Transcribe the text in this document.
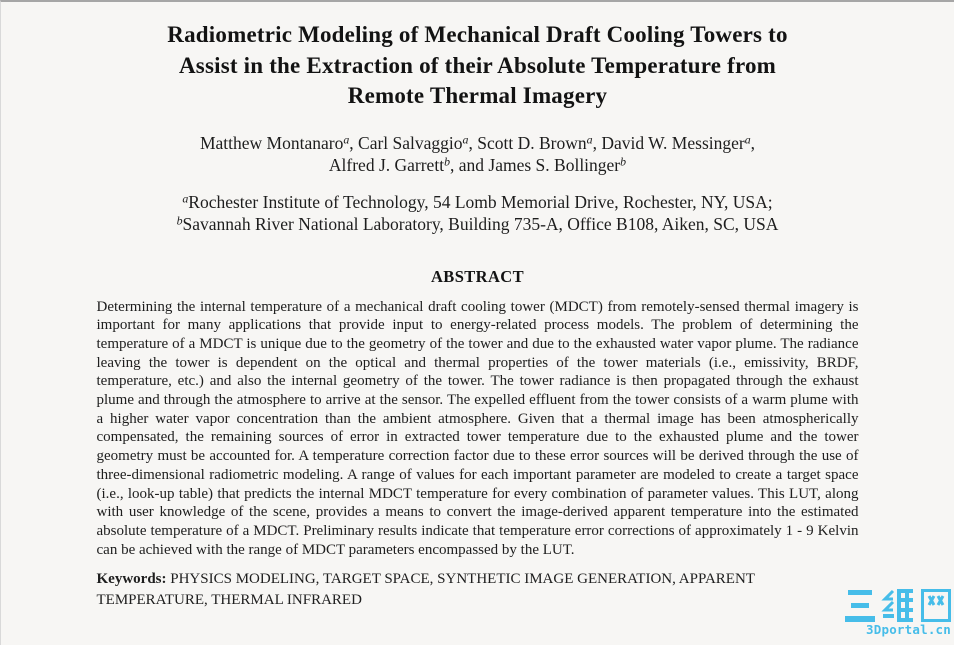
Radiometric Modeling of Mechanical Draft Cooling Towers to
Assist in the Extraction of their Absolute Temperature from
Remote Thermal Imagery
Matthew Montanaro$^a$, Carl Salvaggio$^a$, Scott D. Brown$^a$, David W. Messinger$^a$,
Alfred J. Garrett$^b$, and James S. Bollinger$^b$
$^a$Rochester Institute of Technology, 54 Lomb Memorial Drive, Rochester, NY, USA;
$^b$Savannah River National Laboratory, Building 735-A, Office B108, Aiken, SC, USA
ABSTRACT
Determining the internal temperature of a mechanical draft cooling tower (MDCT) from remotely-sensed thermal imagery is important for many applications that provide input to energy-related process models. The problem of determining the temperature of a MDCT is unique due to the geometry of the tower and due to the exhausted water vapor plume. The radiance leaving the tower is dependent on the optical and thermal properties of the tower materials (i.e., emissivity, BRDF, temperature, etc.) and also the internal geometry of the tower. The tower radiance is then propagated through the exhaust plume and through the atmosphere to arrive at the sensor. The expelled effluent from the tower consists of a warm plume with a higher water vapor concentration than the ambient atmosphere. Given that a thermal image has been atmospherically compensated, the remaining sources of error in extracted tower temperature due to the exhausted plume and the tower geometry must be accounted for. A temperature correction factor due to these error sources will be derived through the use of three-dimensional radiometric modeling. A range of values for each important parameter are modeled to create a target space (i.e., look-up table) that predicts the internal MDCT temperature for every combination of parameter values. This LUT, along with user knowledge of the scene, provides a means to convert the image-derived apparent temperature into the estimated absolute temperature of a MDCT. Preliminary results indicate that temperature error corrections of approximately 1 - 9 Kelvin can be achieved with the range of MDCT parameters encompassed by the LUT.
Keywords: PHYSICS MODELING, TARGET SPACE, SYNTHETIC IMAGE GENERATION, APPARENT TEMPERATURE, THERMAL INFRARED
3Dportal.cn
